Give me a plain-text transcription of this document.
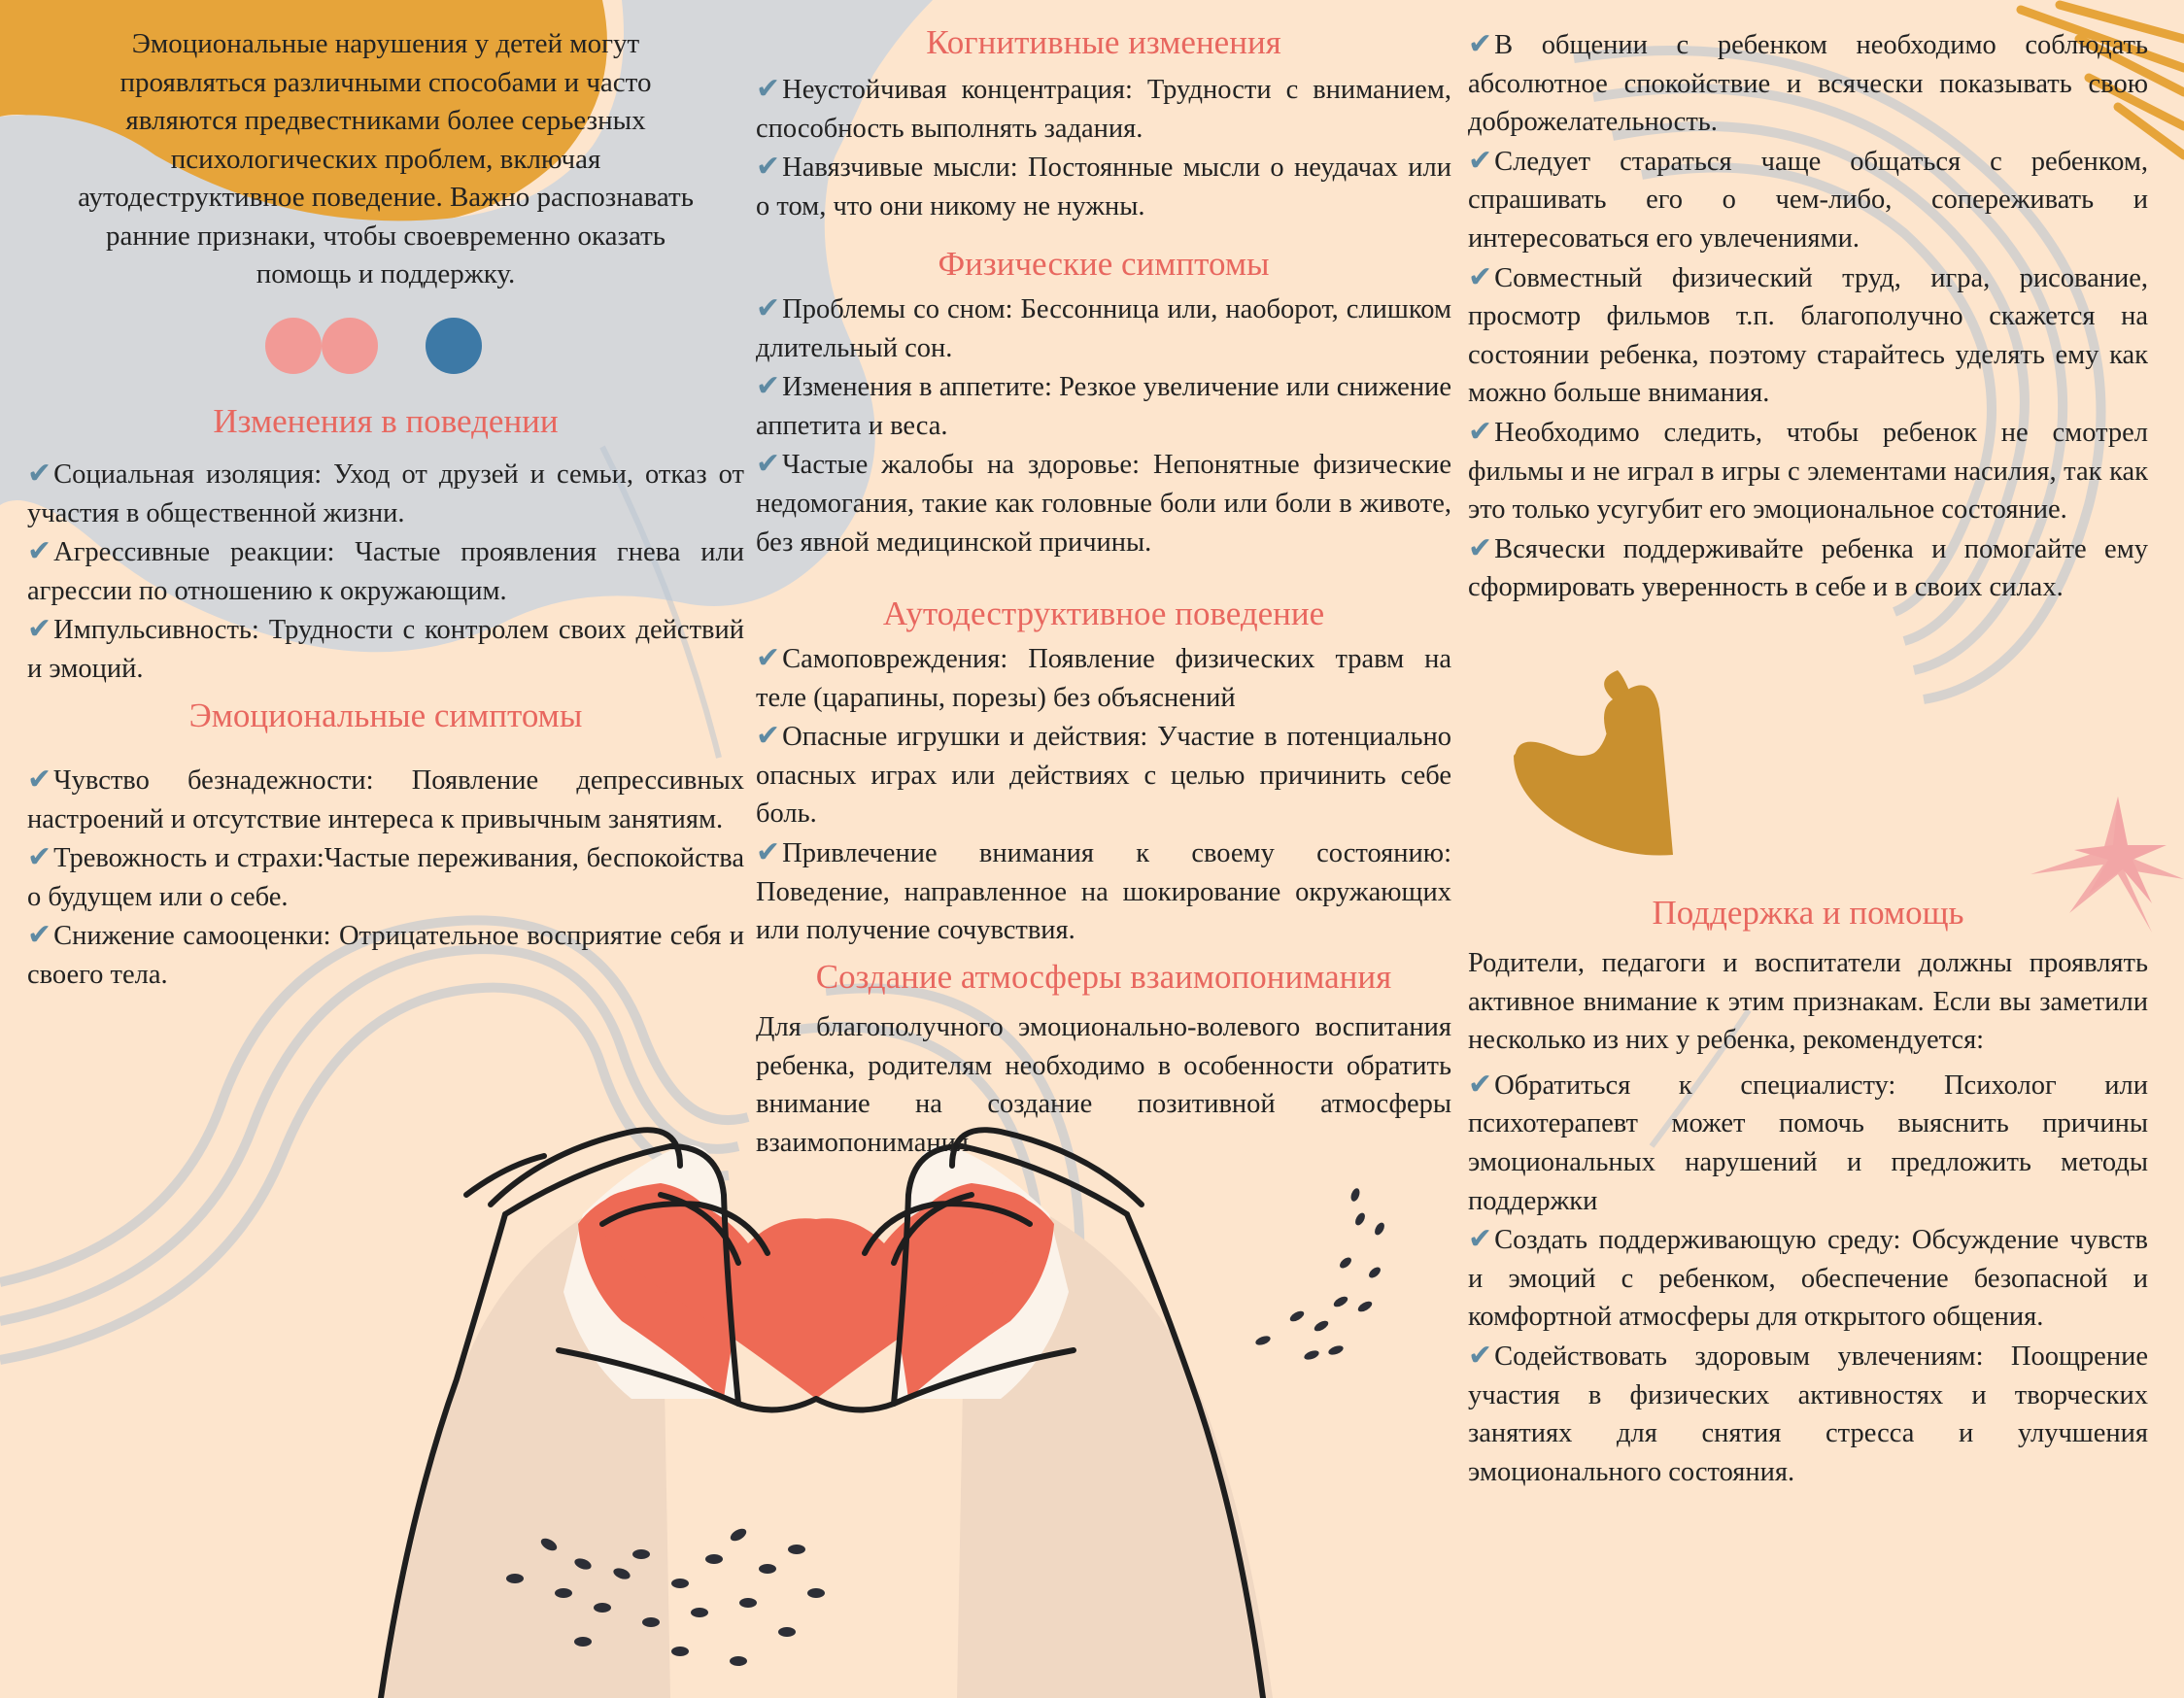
Эмоциональные нарушения у детей могут проявляться различными способами и часто являются предвестниками более серьезных психологических проблем, включая аутодеструктивное поведение. Важно распознавать ранние признаки, чтобы своевременно оказать помощь и поддержку.
Изменения в поведении

✔Социальная изоляция: Уход от друзей и семьи, отказ от участия в общественной жизни.

✔Агрессивные реакции: Частые проявления гнева или агрессии по отношению к окружающим.

✔Импульсивность: Трудности с контролем своих действий и эмоций.

Эмоциональные симптомы

✔Чувство безнадежности: Появление депрессивных настроений и отсутствие интереса к привычным занятиям.

✔Тревожность и страхи:Частые переживания, беспокойства о будущем или о себе.

✔Снижение самооценки: Отрицательное восприятие себя и своего тела.

Когнитивные изменения

✔Неустойчивая концентрация: Трудности с вниманием, способность выполнять задания.

✔Навязчивые мысли: Постоянные мысли о неудачах или о том, что они никому не нужны.

Физические симптомы

✔Проблемы со сном: Бессонница или, наоборот, слишком длительный сон.

✔Изменения в аппетите: Резкое увеличение или снижение аппетита и веса.

✔Частые жалобы на здоровье: Непонятные физические недомогания, такие как головные боли или боли в животе, без явной медицинской причины.

Аутодеструктивное поведение

✔Самоповреждения: Появление физических травм на теле (царапины, порезы) без объяснений

✔Опасные игрушки и действия: Участие в потенциально опасных играх или действиях с целью причинить себе боль.

✔Привлечение внимания к своему состоянию: Поведение, направленное на шокирование окружающих или получение сочувствия.

Создание атмосферы взаимопонимания

Для благополучного эмоционально-волевого воспитания ребенка, родителям необходимо в особенности обратить внимание на создание позитивной атмосферы взаимопонимания.

✔В общении с ребенком необходимо соблюдать абсолютное спокойствие и всячески показывать свою доброжелательность.

✔Следует стараться чаще общаться с ребенком, спрашивать его о чем-либо, сопереживать и интересоваться его увлечениями.

✔Совместный физический труд, игра, рисование, просмотр фильмов т.п. благополучно скажется на состоянии ребенка, поэтому старайтесь уделять ему как можно больше внимания.

✔Необходимо следить, чтобы ребенок не смотрел фильмы и не играл в игры с элементами насилия, так как это только усугубит его эмоциональное состояние.

✔Всячески поддерживайте ребенка и помогайте ему сформировать уверенность в себе и в своих силах.

Поддержка и помощь

Родители, педагоги и воспитатели должны проявлять активное внимание к этим признакам. Если вы заметили несколько из них у ребенка, рекомендуется:

✔Обратиться к специалисту: Психолог или психотерапевт может помочь выяснить причины эмоциональных нарушений и предложить методы поддержки

✔Создать поддерживающую среду: Обсуждение чувств и эмоций с ребенком, обеспечение безопасной и комфортной атмосферы для открытого общения.

✔Содействовать здоровым увлечениям: Поощрение участия в физических активностях и творческих занятиях для снятия стресса и улучшения эмоционального состояния.
